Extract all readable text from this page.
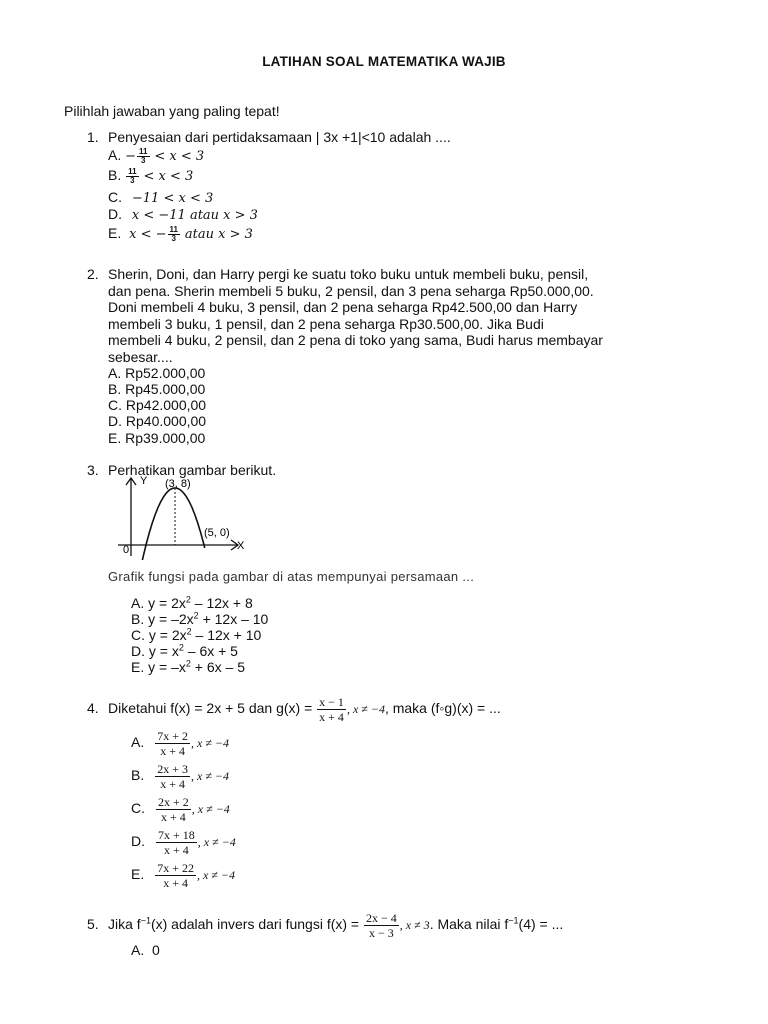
LATIHAN SOAL MATEMATIKA WAJIB
Pilihlah jawaban yang paling tepat!
1. Penyesaian dari pertidaksamaan | 3x +1|<10 adalah ....
A. − $\frac{11}{3} < x < 3$
B. $\frac{11}{3} < x < 3$
C. −11 < x < 3
D. x < −11 atau x > 3
E. x < − $\frac{11}{3}$ atau x > 3
2. Sherin, Doni, dan Harry pergi ke suatu toko buku untuk membeli buku, pensil,
dan pena. Sherin membeli 5 buku, 2 pensil, dan 3 pena seharga Rp50.000,00.
Doni membeli 4 buku, 3 pensil, dan 2 pena seharga Rp42.500,00 dan Harry
membeli 3 buku, 1 pensil, dan 2 pena seharga Rp30.500,00. Jika Budi
membeli 4 buku, 2 pensil, dan 2 pena di toko yang sama, Budi harus membayar
sebesar....
A. Rp52.000,00
B. Rp45.000,00
C. Rp42.000,00
D. Rp40.000,00
E. Rp39.000,00
3. Perhatikan gambar berikut.
Y (3, 8)
(5, 0)
X
0
Grafik fungsi pada gambar di atas mempunyai persamaan ...
A. $y = 2x^2 - 12x + 8$
B. $y = -2x^2 + 12x - 10$
C. $y = 2x^2 - 12x + 10$
D. $y = x^2 - 6x + 5$
E. $y = -x^2 + 6x - 5$
4. Diketahui f(x) = 2x + 5 dan $g(x) = \frac{x - 1}{x + 4}$ , x ≠ −4, maka (f◦g)(x) = ...
A. $\frac{7x + 2}{x + 4}$ , x ≠ −4
B. $\frac{2x + 3}{x + 4}$ , x ≠ −4
C. $\frac{2x + 2}{x + 4}$ , x ≠ −4
D. $\frac{7x + 18}{x + 4}$ , x ≠ −4
E. $\frac{7x + 22}{x + 4}$ , x ≠ −4
5. Jika $f^{-1}(x)$ adalah invers dari fungsi $f(x) = \frac{2x - 4}{x - 3}$ , x ≠ 3. Maka nilai $f^{-1}(4)$ = ...
A. 0
